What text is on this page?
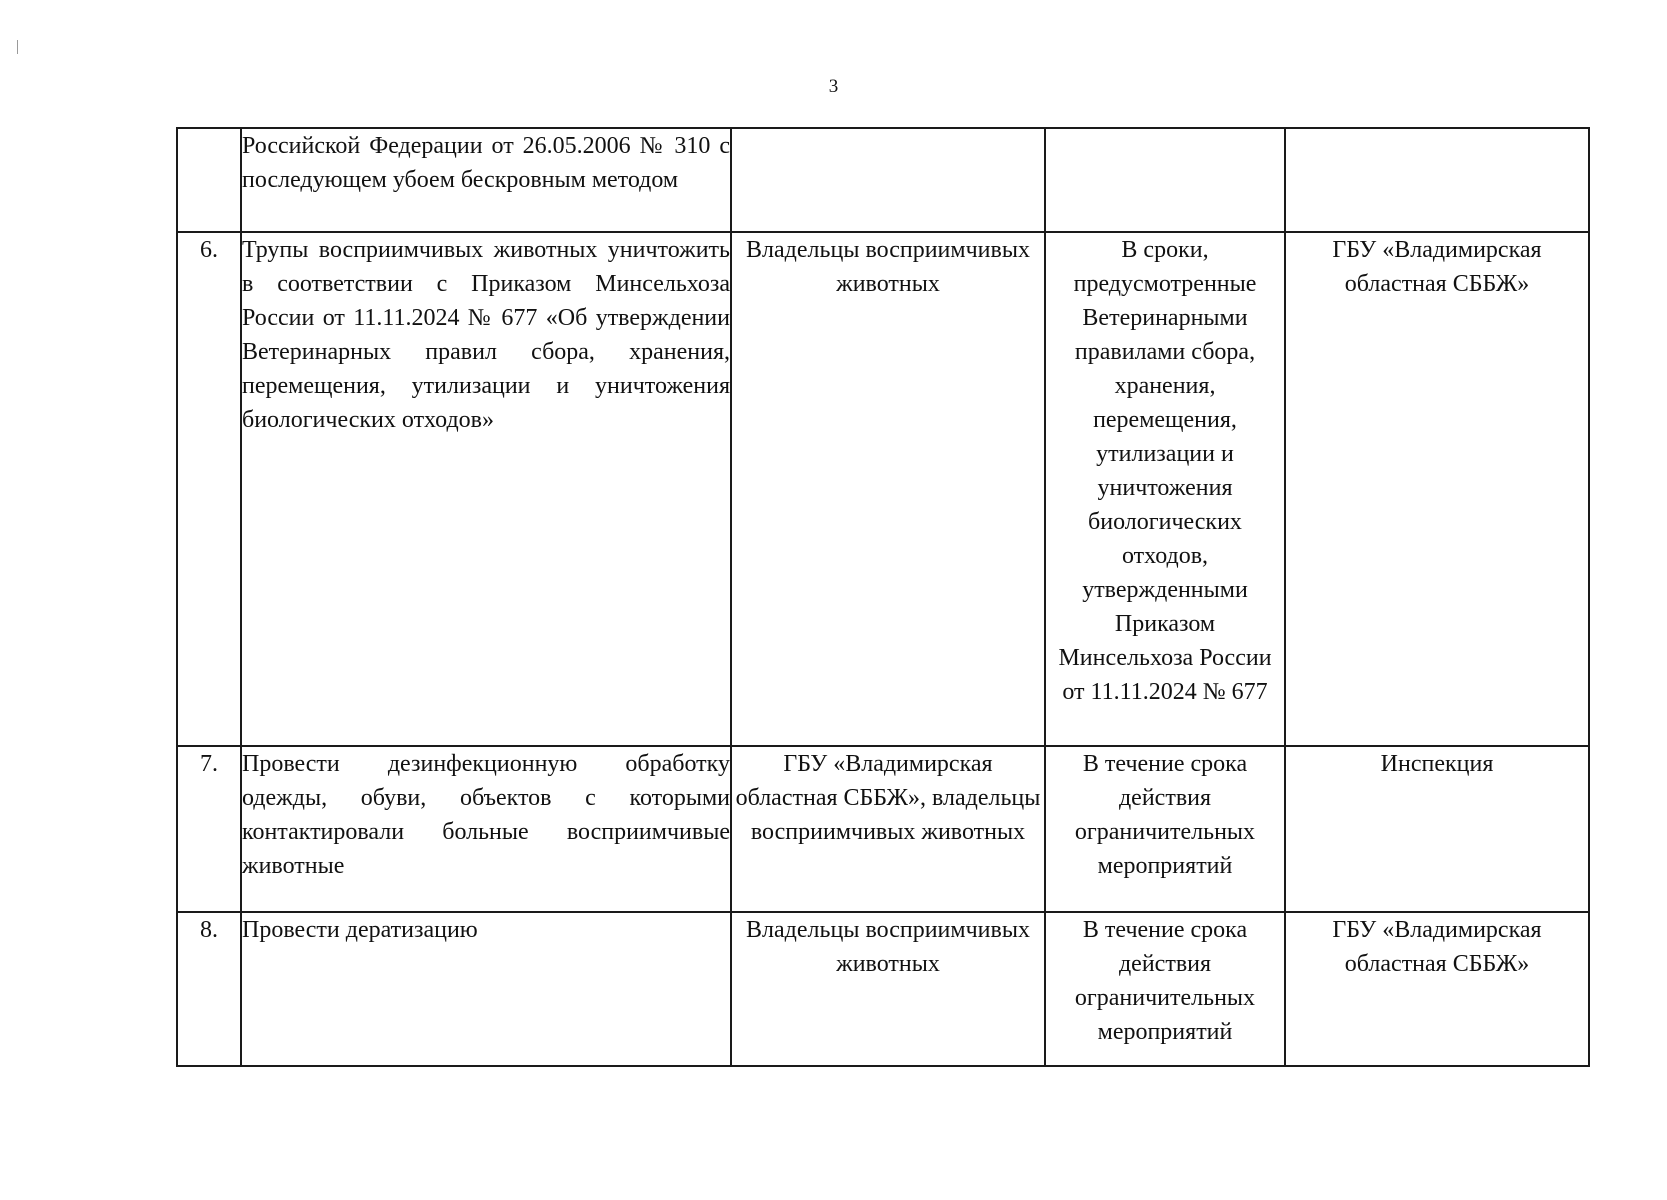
3
	Российской Федерации от 26.05.2006 № 310 с последующем убоем бескровным методом			
6.	Трупы восприимчивых животных уничтожить в соответствии с Приказом Минсельхоза России от 11.11.2024 № 677 «Об утверждении Ветеринарных правил сбора, хранения, перемещения, утилизации и уничтожения биологических отходов»	Владельцы восприимчивых животных	В сроки, предусмотренные Ветеринарными правилами сбора, хранения, перемещения, утилизации и уничтожения биологических отходов, утвержденными Приказом Минсельхоза России от 11.11.2024 № 677	ГБУ «Владимирская областная СББЖ»
7.	Провести дезинфекционную обработку одежды, обуви, объектов с которыми контактировали больные восприимчивые животные	ГБУ «Владимирская областная СББЖ», владельцы восприимчивых животных	В течение срока действия ограничительных мероприятий	Инспекция
8.	Провести дератизацию	Владельцы восприимчивых животных	В течение срока действия ограничительных мероприятий	ГБУ «Владимирская областная СББЖ»
